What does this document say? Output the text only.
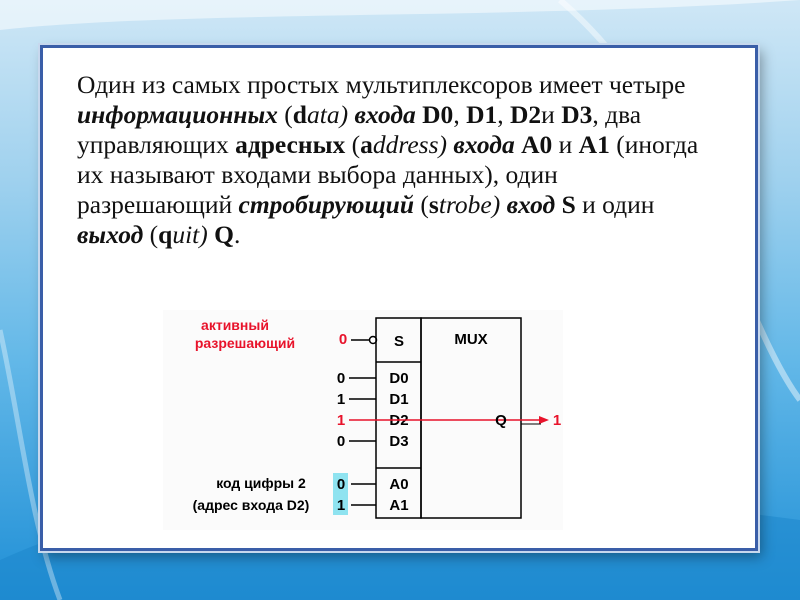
Один из самых простых мультиплексоров имеет четыре информационных (data) входа D0, D1, D2и D3, два управляющих адресных (address) входа A0 и A1 (иногда их называют входами выбора данных), один разрешающий стробирующий (strobe) вход S и один выход (quit) Q.
активный
разрешающий	0	S	MUX
0
1
1
0
D0
D1
D2
D3
Q	1
код цифры 2
(адрес входа D2)
0
1
A0
A1
